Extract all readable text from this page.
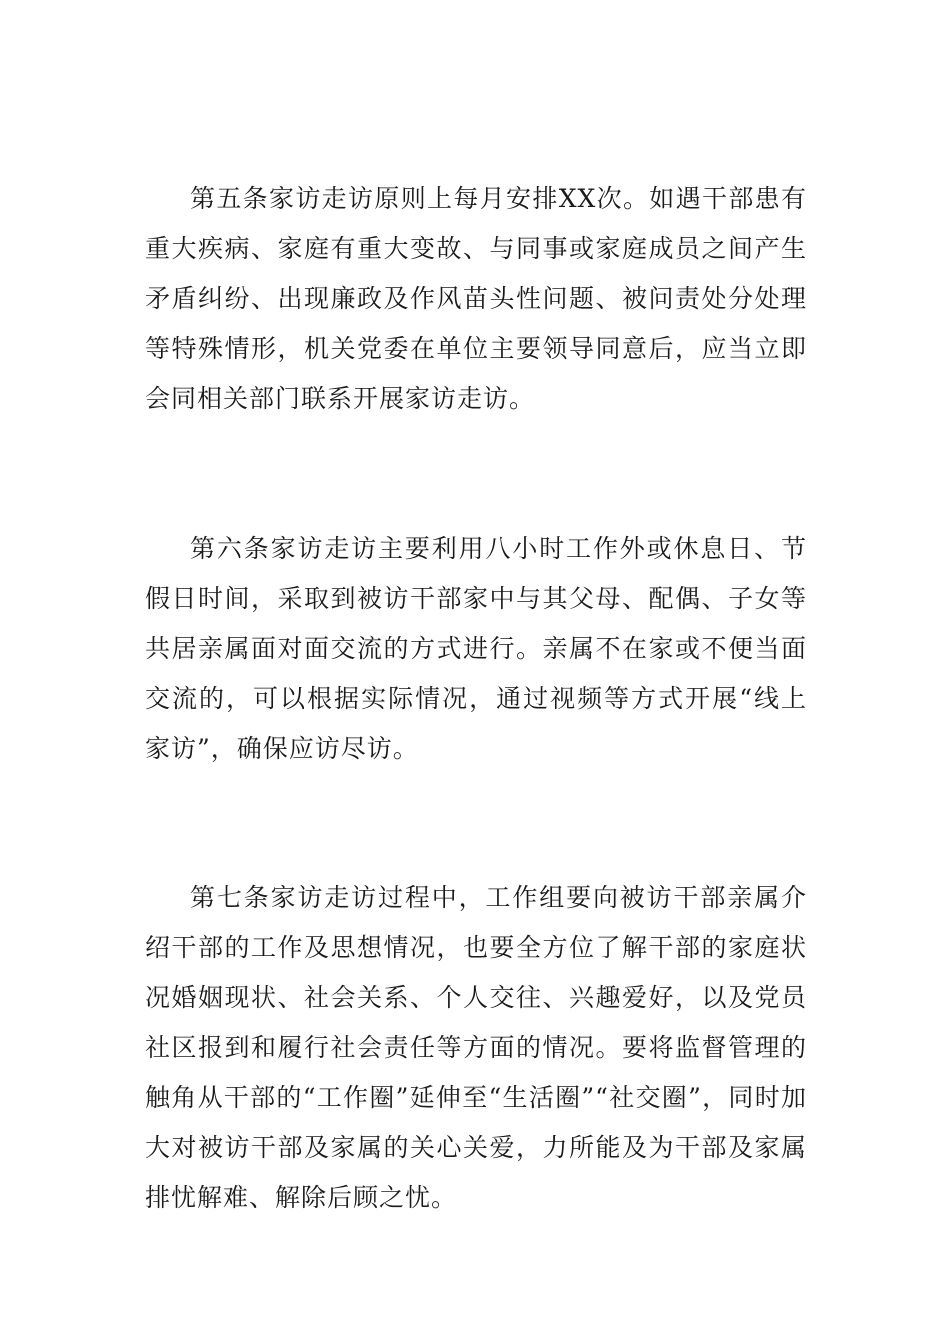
第五条家访走访原则上每月安排XX次。如遇干部患有重大疾病、家庭有重大变故、与同事或家庭成员之间产生矛盾纠纷、出现廉政及作风苗头性问题、被问责处分处理等特殊情形，机关党委在单位主要领导同意后，应当立即会同相关部门联系开展家访走访。

第六条家访走访主要利用八小时工作外或休息日、节假日时间，采取到被访干部家中与其父母、配偶、子女等共居亲属面对面交流的方式进行。亲属不在家或不便当面交流的，可以根据实际情况，通过视频等方式开展“线上家访”，确保应访尽访。

第七条家访走访过程中，工作组要向被访干部亲属介绍干部的工作及思想情况，也要全方位了解干部的家庭状况婚姻现状、社会关系、个人交往、兴趣爱好，以及党员社区报到和履行社会责任等方面的情况。要将监督管理的触角从干部的“工作圈”延伸至“生活圈”“社交圈”，同时加大对被访干部及家属的关心关爱，力所能及为干部及家属排忧解难、解除后顾之忧。
